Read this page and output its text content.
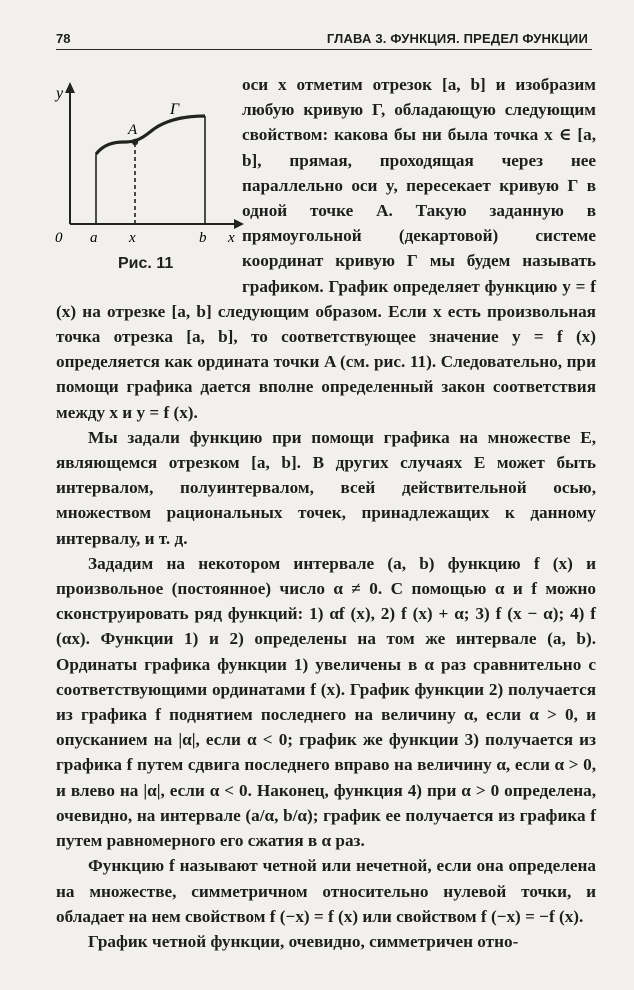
78	ГЛАВА 3. ФУНКЦИЯ. ПРЕДЕЛ ФУНКЦИИ
y
0 a x	b x
A
Г
Рис. 11

оси x отметим отрезок [a, b] и изобразим любую кривую Г, обладающую следующим свойством: какова бы ни была точка x ∈ [a, b], прямая, проходящая через нее параллельно оси y, пересекает кривую Г в одной точке A. Такую заданную в прямоугольной (декартовой) системе координат кривую Г мы будем называть графиком. График определяет функцию y = f (x) на отрезке [a, b] следующим образом. Если x есть произвольная точка отрезка [a, b], то соответствующее значение y = f (x) определяется как ордината точки A (см. рис. 11). Следовательно, при помощи графика дается вполне определенный закон соответствия между x и y = f (x).

Мы задали функцию при помощи графика на множестве E, являющемся отрезком [a, b]. В других случаях E может быть интервалом, полуинтервалом, всей действительной осью, множеством рациональных точек, принадлежащих к данному интервалу, и т. д.

Зададим на некотором интервале (a, b) функцию f (x) и произвольное (постоянное) число α ≠ 0. С помощью α и f можно сконструировать ряд функций: 1) αf (x), 2) f (x) + α; 3) f (x − α); 4) f (αx). Функции 1) и 2) определены на том же интервале (a, b). Ординаты графика функции 1) увеличены в α раз сравнительно с соответствующими ординатами f (x). График функции 2) получается из графика f поднятием последнего на величину α, если α > 0, и опусканием на |α|, если α < 0; график же функции 3) получается из графика f путем сдвига последнего вправо на величину α, если α > 0, и влево на |α|, если α < 0. Наконец, функция 4) при α > 0 определена, очевидно, на интервале (a/α, b/α); график ее получается из графика f путем равномерного его сжатия в α раз.

Функцию f называют четной или нечетной, если она определена на множестве, симметричном относительно нулевой точки, и обладает на нем свойством f (−x) = f (x) или свойством f (−x) = −f (x).

График четной функции, очевидно, симметричен отно-
